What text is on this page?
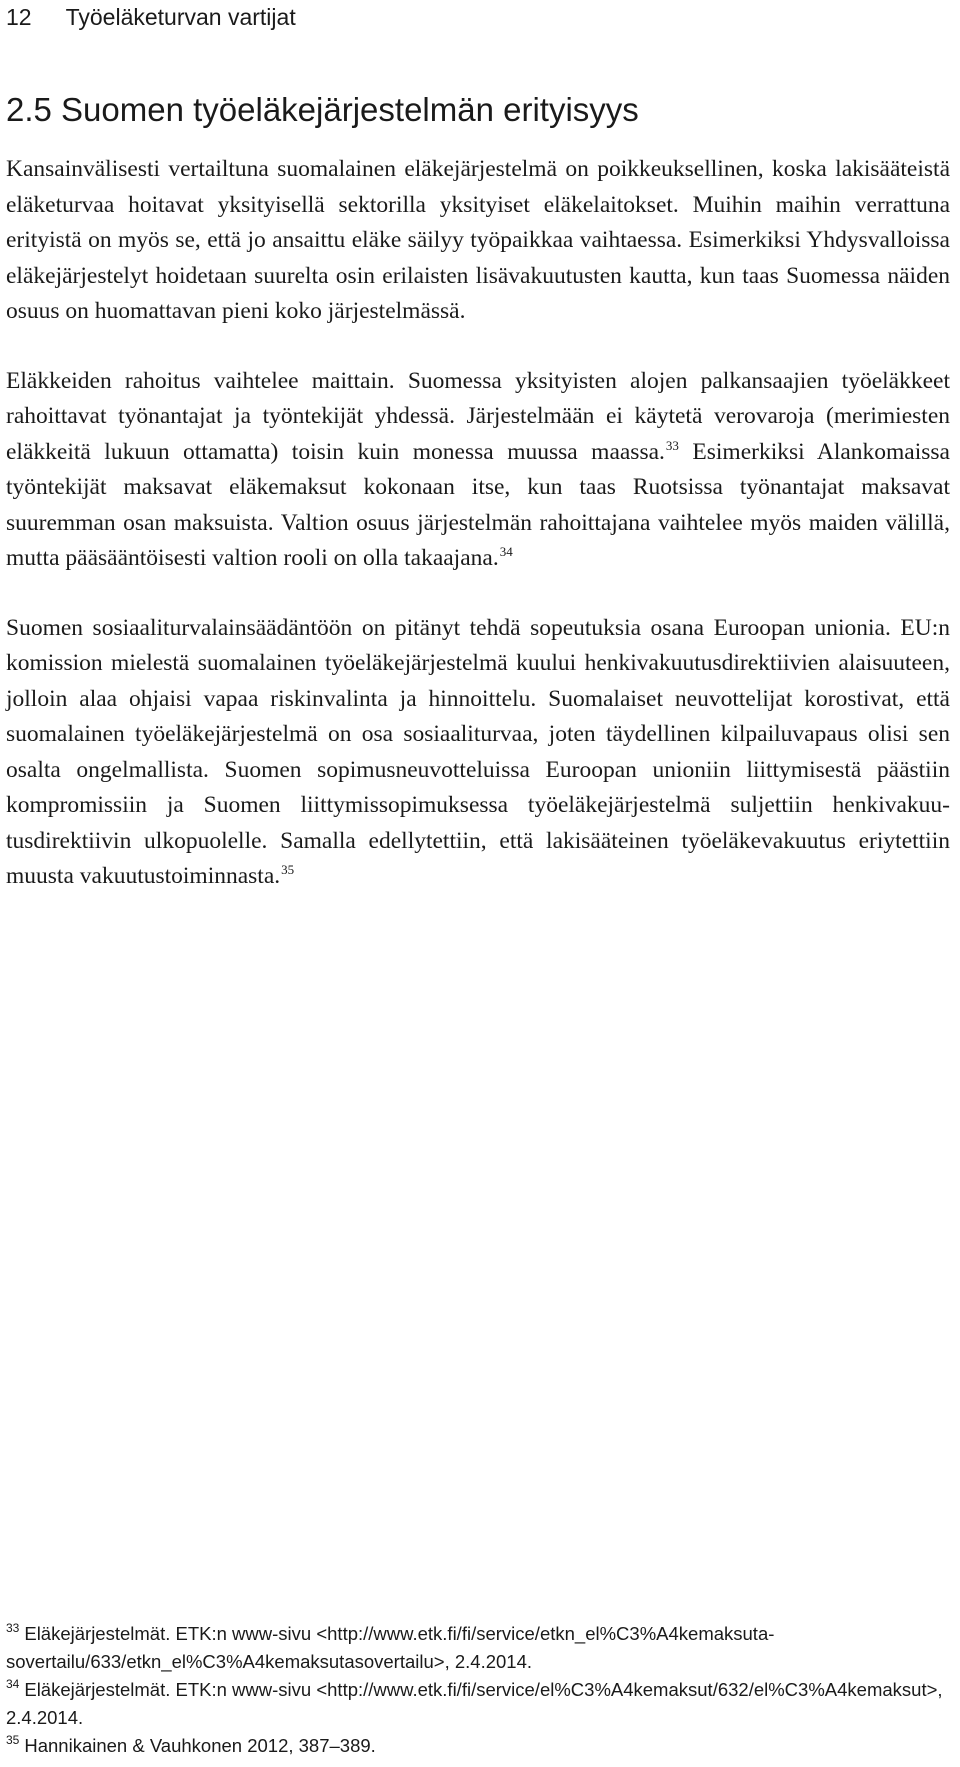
12 Työeläketurvan vartijat
2.5 Suomen työeläkejärjestelmän erityisyys

Kansainvälisesti vertailtuna suomalainen eläkejärjestelmä on poikkeuksellinen, koska lakisääteistä eläketurvaa hoitavat yksityisellä sektorilla yksityiset eläkelaitokset. Muihin maihin verrattuna erityistä on myös se, että jo ansaittu eläke säilyy työpaikkaa vaihtaessa. Esimerkiksi Yhdysvalloissa eläkejärjestelyt hoidetaan suurelta osin erilaisten lisävakuutusten kautta, kun taas Suomessa näiden osuus on huomattavan pieni koko järjestelmässä.

Eläkkeiden rahoitus vaihtelee maittain. Suomessa yksityisten alojen palkansaajien työeläkkeet rahoittavat työnantajat ja työntekijät yhdessä. Järjestelmään ei käytetä verovaroja (merimiesten eläkkeitä lukuun ottamatta) toisin kuin monessa muussa maassa.$^{33}$ Esimerkiksi Alankomaissa työntekijät maksavat eläkemaksut kokonaan itse, kun taas Ruotsissa työnantajat maksavat suuremman osan maksuista. Valtion osuus järjestelmän rahoittajana vaihtelee myös maiden välillä, mutta pääsääntöisesti valtion rooli on olla takaajana.$^{34}$

Suomen sosiaaliturvalainsäädäntöön on pitänyt tehdä sopeutuksia osana Euroopan unionia. EU:n komission mielestä suomalainen työeläkejärjestelmä kuului henkivakuutusdirektiivien alaisuuteen, jolloin alaa ohjaisi vapaa riskinvalinta ja hinnoittelu. Suomalaiset neuvottelijat korostivat, että suomalainen työeläkejärjestelmä on osa sosiaaliturvaa, joten täydellinen kilpailuvapaus olisi sen osalta ongelmallista. Suomen sopimusneuvotteluissa Euroopan unioniin liittymisestä päästiin kompromissiin ja Suomen liittymissopimuksessa työeläkejärjestelmä suljettiin henkivakuutusdirektiivin ulkopuolelle. Samalla edellytettiin, että lakisääteinen työeläkevakuutus eriytettiin muusta vakuutustoiminnasta.$^{35}$

$^{33}$ Eläkejärjestelmät. ETK:n www-sivu <http://www.etk.fi/fi/service/etkn_el%C3%A4kemaksutasovertailu/633/etkn_el%C3%A4kemaksutasovertailu>, 2.4.2014.

$^{34}$ Eläkejärjestelmät. ETK:n www-sivu <http://www.etk.fi/fi/service/el%C3%A4kemaksut/632/el%C3%A4kemaksut>, 2.4.2014.

$^{35}$ Hannikainen & Vauhkonen 2012, 387–389.
